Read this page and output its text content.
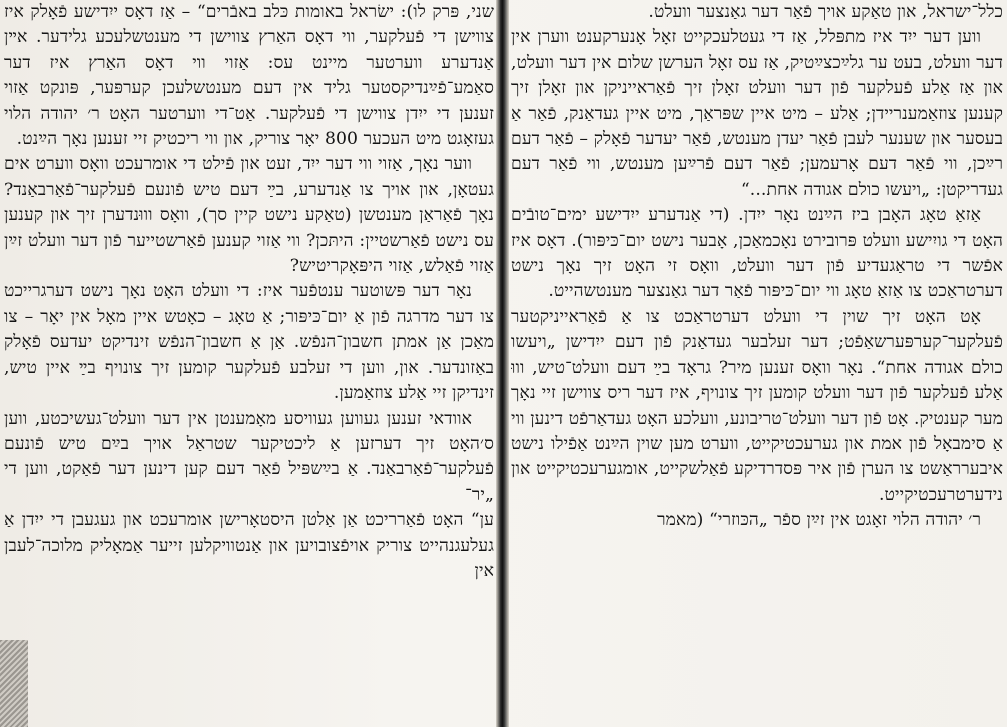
כלל־ישראל, און טאַקע אויך פֿאַר דער גאַנצער וועלט.

ווען דער ייִד איז מתפּלל, אַז די געטלעכקייט זאָל אָנערקענט ווערן אין דער וועלט, בעט ער גלײַכצײַטיק, אַז עס זאָל הערשן שלום אין דער וועלט, און אַז אַלע פֿעלקער פֿון דער וועלט זאָלן זיך פֿאַראייניקן און זאָלן זיך קענען צוזאַמענריידן; אַלע – מיט איין שפּראַך, מיט איין געדאַנק, פֿאַר אַ בעסער און שענער לעבן פֿאַר יעדן מענטש, פֿאַר יעדער פֿאָלק – פֿאַר דעם רײַכן, ווי פֿאַר דעם אָרעמען; פֿאַר דעם פֿרײַען מענטש, ווי פֿאַר דעם געדריקטן: „ויעשו כולם אגודה אחת...“

אַזאַ טאָג האָבן ביז הײַנט נאָר ייִדן. (די אַנדערע ייִדישע ימים־טובֿים האָט די גויִישע וועלט פּרובירט נאָכמאַכן, אָבער נישט יום־כּיפּור). דאָס איז אפֿשר די טראַגעדיע פֿון דער וועלט, וואָס זי האָט זיך נאָך נישט דערטראַכט צו אַזאַ טאָג ווי יום־כּיפּור פֿאַר דער גאַנצער מענטשהייט.

אָט האָט זיך שוין די וועלט דערטראַכט צו אַ פֿאַראייניקטער פֿעלקער־קערפּערשאַפֿט; דער זעלבער געדאַנק פֿון דעם ייִדישן „ויעשו כולם אגודה אחת“. נאָר וואָס זענען מיר? גראָד בײַ דעם וועלט־טיש, וווּ אַלע פֿעלקער פֿון דער וועלט קומען זיך צונויף, איז דער ריס צווישן זיי נאָך מער קענטיק. אָט פֿון דער וועלט־טריבונע, וועלכע האָט געדאַרפֿט דינען ווי אַ סימבאָל פֿון אמת און גערעכטיקייט, ווערט מען שוין הײַנט אַפֿילו נישט איבערראַשט צו הערן פֿון איר פּסדרדיקע פֿאַלשקייט, אומגערעכטיקייט און נידערטרעכטיקייט.

ר׳ יהודה הלוי זאָגט אין זײַן ספֿר „הכּוזרי“ (מאמר

שני, פּרק לו): ישׂראל באומות כּלב באבֿרים“ – אַז דאָס ייִדישע פֿאָלק איז צווישן די פֿעלקער, ווי דאָס האַרץ צווישן די מענטשלעכע גלידער. אײן אַנדערע ווערטער מיינט עס: אַזוי ווי דאָס האַרץ איז דער סאַמע־פֿײַנדיקסטער גליד אין דעם מענטשלעכן קערפּער, פּונקט אַזוי זענען די ייִדן צווישן די פֿעלקער. אַט־די ווערטער האָט ר׳ יהודה הלוי געזאָגט מיט העכער 800 יאָר צוריק, און ווי ריכטיק זיי זענען נאָך הײַנט.

ווער נאָך, אַזוי ווי דער ייִד, זעט און פֿילט די אומרעכט וואָס ווערט אים געטאָן, און אויך צו אַנדערע, בײַ דעם טיש פֿונעם פֿעלקער־פֿאַרבאַנד? נאָך פֿאַראַן מענטשן (טאַקע נישט קיין סך), וואָס וווּנדערן זיך און קענען עס נישט פֿאַרשטיין: היתּכן? ווי אַזוי קענען פֿאַרשטייער פֿון דער וועלט זײַן אַזוי פֿאַלש, אַזוי היפּאָקריטיש?

נאָר דער פּשוטער ענטפֿער איז: די וועלט האָט נאָך נישט דערגרייכט צו דער מדרגה פֿון אַ יום־כּיפּור; אַ טאָג – כאָטש איין מאָל אין יאָר – צו מאַכן אַן אמתן חשבון־הנפֿש. אַן אַ חשבון־הנפֿש זינדיקט יעדעס פֿאָלק באַזונדער. און, ווען די זעלבע פֿעלקער קומען זיך צונויף בײַ איין טיש, זינדיקן זיי אַלע צוזאַמען.

אוודאי זענען געווען געוויסע מאָמענטן אין דער וועלט־געשיכטע, ווען ס׳האָט זיך דערזען אַ ליכטיקער שטראַל אויך בײַם טיש פֿונעם פֿעלקער־פֿאַרבאַנד. אַ בײַשפּיל פֿאַר דעם קען דינען דער פֿאַקט, ווען די „יר־

ען“ האָט פֿאַרריכט אַן אַלטן היסטאָרישן אומרעכט און געגעבן די ייִדן אַ געלעגנהייט צוריק אויפֿצובויען און אַנטוויקלען זייער אַמאָליק מלוכה־לעבן אין
